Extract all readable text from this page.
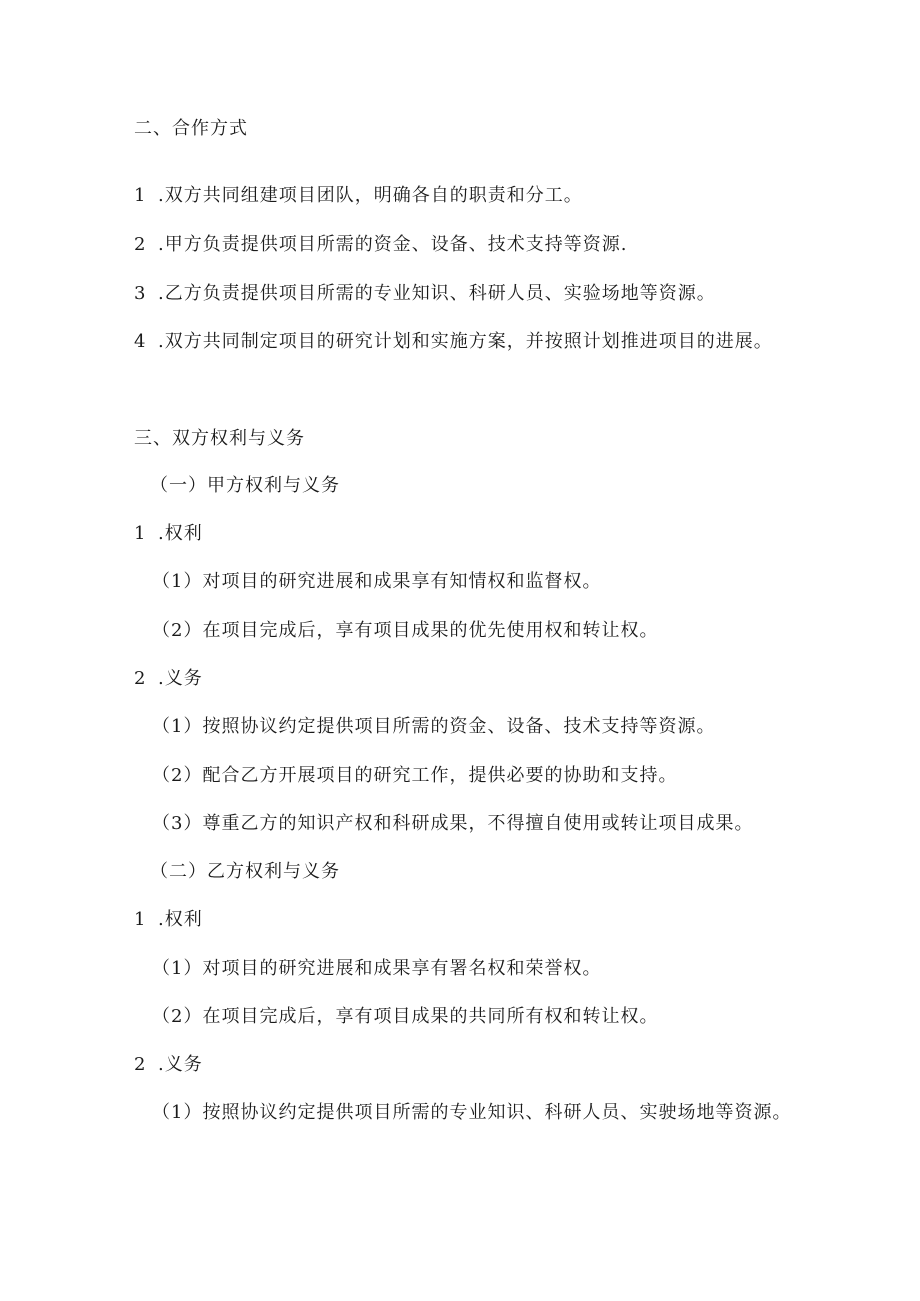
二、合作方式
1 .双方共同组建项目团队，明确各自的职责和分工。
2 .甲方负责提供项目所需的资金、设备、技术支持等资源.
3 .乙方负责提供项目所需的专业知识、科研人员、实验场地等资源。
4 .双方共同制定项目的研究计划和实施方案，并按照计划推进项目的进展。
三、双方权利与义务
（一）甲方权利与义务
1 .权利
（1）对项目的研究进展和成果享有知情权和监督权。
（2）在项目完成后，享有项目成果的优先使用权和转让权。
2 .义务
（1）按照协议约定提供项目所需的资金、设备、技术支持等资源。
（2）配合乙方开展项目的研究工作，提供必要的协助和支持。
（3）尊重乙方的知识产权和科研成果，不得擅自使用或转让项目成果。
（二）乙方权利与义务
1 .权利
（1）对项目的研究进展和成果享有署名权和荣誉权。
（2）在项目完成后，享有项目成果的共同所有权和转让权。
2 .义务
（1）按照协议约定提供项目所需的专业知识、科研人员、实驶场地等资源。
